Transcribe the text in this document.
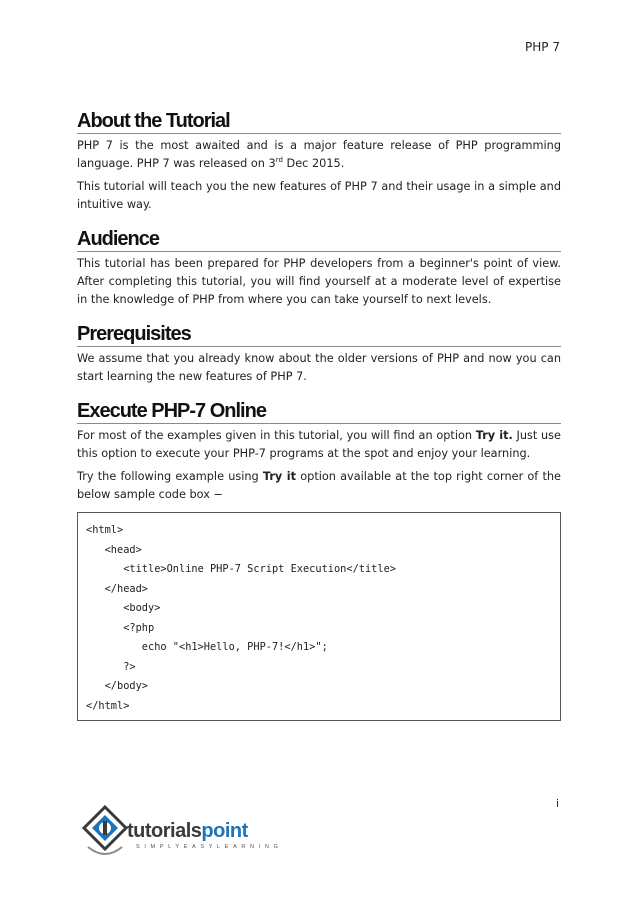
PHP 7
About the Tutorial

PHP 7 is the most awaited and is a major feature release of PHP programming language. PHP 7 was released on 3rd Dec 2015.

This tutorial will teach you the new features of PHP 7 and their usage in a simple and intuitive way.

Audience

This tutorial has been prepared for PHP developers from a beginner's point of view. After completing this tutorial, you will find yourself at a moderate level of expertise in the knowledge of PHP from where you can take yourself to next levels.

Prerequisites

We assume that you already know about the older versions of PHP and now you can start learning the new features of PHP 7.

Execute PHP-7 Online

For most of the examples given in this tutorial, you will find an option Try it. Just use this option to execute your PHP-7 programs at the spot and enjoy your learning.

Try the following example using Try it option available at the top right corner of the below sample code box −

<html>
<head>
<title>Online PHP-7 Script Execution</title>
</head>
<body>
<?php
echo "<h1>Hello, PHP-7!</h1>";
?>
</body>
</html>
i
tutorialspoint
SIMPLYEASYLEARNING
